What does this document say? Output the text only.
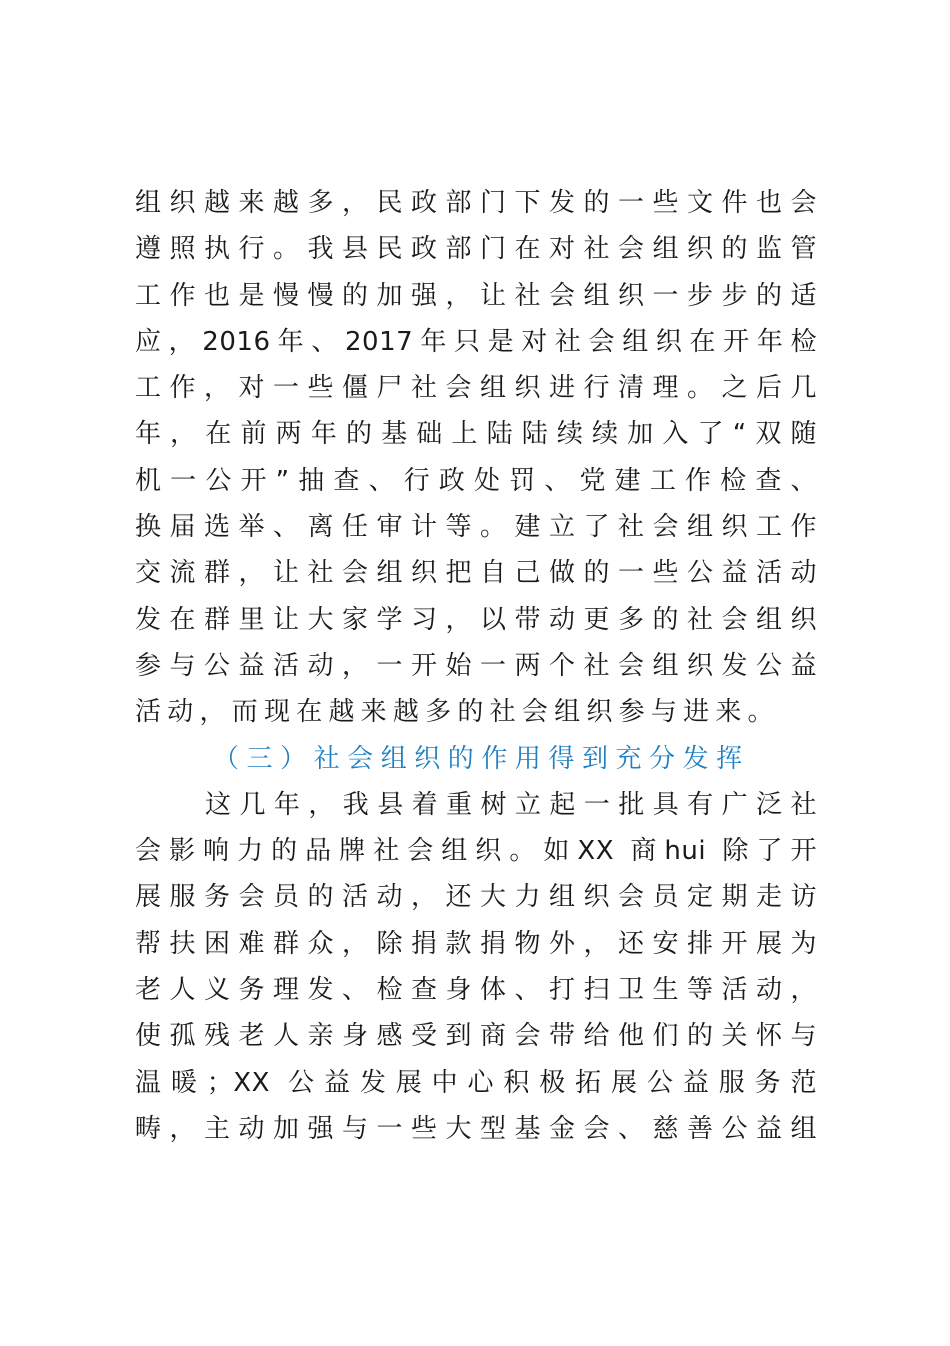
组织越来越多，民政部门下发的一些文件也会
遵照执行。我县民政部门在对社会组织的监管
工作也是慢慢的加强，让社会组织一步步的适
应，2016年、2017年只是对社会组织在开年检
工作，对一些僵尸社会组织进行清理。之后几
年，在前两年的基础上陆陆续续加入了“双随
机一公开”抽查、行政处罚、党建工作检查、
换届选举、离任审计等。建立了社会组织工作
交流群，让社会组织把自己做的一些公益活动
发在群里让大家学习，以带动更多的社会组织
参与公益活动，一开始一两个社会组织发公益
活动，而现在越来越多的社会组织参与进来。
（三）社会组织的作用得到充分发挥
这几年，我县着重树立起一批具有广泛社
会影响力的品牌社会组织。如XX 商hui 除了开
展服务会员的活动，还大力组织会员定期走访
帮扶困难群众，除捐款捐物外，还安排开展为
老人义务理发、检查身体、打扫卫生等活动，
使孤残老人亲身感受到商会带给他们的关怀与
温暖；XX 公益发展中心积极拓展公益服务范
畴，主动加强与一些大型基金会、慈善公益组
